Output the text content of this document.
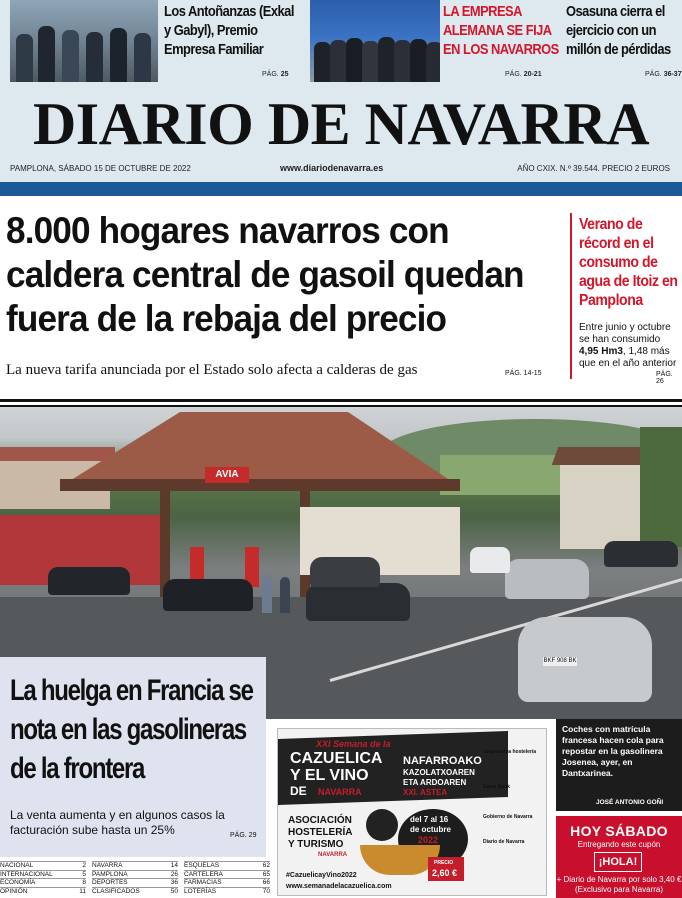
Los Antoñanzas (Exkal y Gabyl), Premio Empresa Familiar
PÁG. 25
LA EMPRESA ALEMANA SE FIJA EN LOS NAVARROS
PÁG. 20-21
Osasuna cierra el ejercicio con un millón de pérdidas
PÁG. 36-37
DIARIO DE NAVARRA
PAMPLONA, SÁBADO 15 DE OCTUBRE DE 2022	www.diariodenavarra.es	AÑO CXIX. N.º 39.544. PRECIO 2 EUROS
8.000 hogares navarros con caldera central de gasoil quedan fuera de la rebaja del precio
La nueva tarifa anunciada por el Estado solo afecta a calderas de gas	PÁG. 14-15
Verano de récord en el consumo de agua de Itoiz en Pamplona
Entre junio y octubre se han consumido 4,95 Hm3, 1,48 más que en el año anterior
PÁG. 26
AVIA
BKF 908 BK
La huelga en Francia se nota en las gasolineras de la frontera
La venta aumenta y en algunos casos la facturación sube hasta un 25%	PÁG. 29
XXI Semana de la
CAZUELICA
Y EL VINO
DE NAVARRA
NAFARROAKO
KAZOLATXOAREN
ETA ARDOAREN
XXI. ASTEA
ASOCIACIÓN
HOSTELERÍA
Y TURISMO
NAVARRA
del 7 al 16
de octubre
2022
PRECIO
2,60 €
#CazuelicayVino2022
www.semanadelacazuelica.com
cooperativa hostelería
Caixa Bank
Gobierno de Navarra
Diario de Navarra
Coches con matrícula francesa hacen cola para repostar en la gasolinera Josenea, ayer, en Dantxarinea.
JOSÉ ANTONIO GOÑI
HOY SÁBADO
Entregando este cupón
¡HOLA!
+ Diario de Navarra por solo 3,40 €
(Exclusivo para Navarra)
NACIONAL	2
INTERNACIONAL	5
ECONOMÍA	8
OPINIÓN	11
NAVARRA	14
PAMPLONA	26
DEPORTES	36
CLASIFICADOS	50
ESQUELAS	62
CARTELERA	65
FARMACIAS	66
LOTERÍAS	70
